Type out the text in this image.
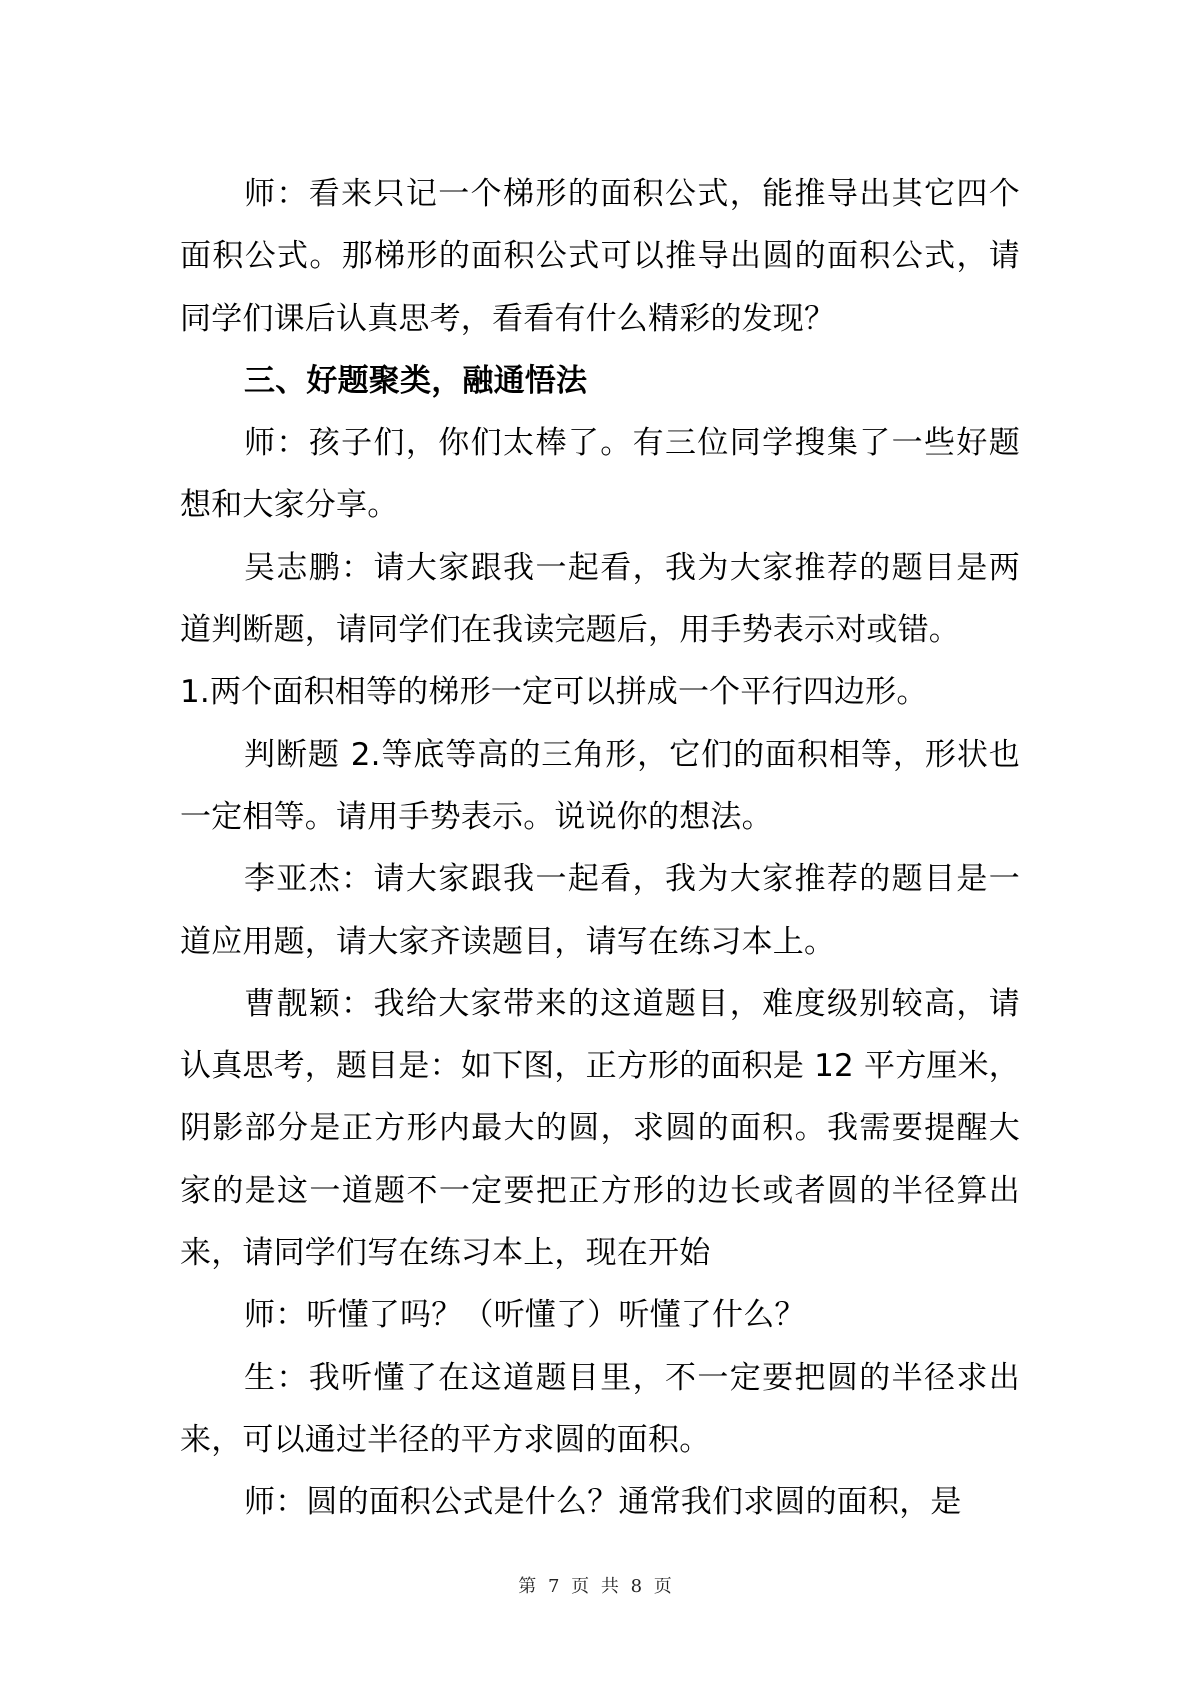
师：看来只记一个梯形的面积公式，能推导出其它四个面积公式。那梯形的面积公式可以推导出圆的面积公式，请同学们课后认真思考，看看有什么精彩的发现？

三、好题聚类，融通悟法

师：孩子们，你们太棒了。有三位同学搜集了一些好题想和大家分享。

吴志鹏：请大家跟我一起看，我为大家推荐的题目是两道判断题，请同学们在我读完题后，用手势表示对或错。

1.两个面积相等的梯形一定可以拼成一个平行四边形。

判断题 2.等底等高的三角形，它们的面积相等，形状也一定相等。请用手势表示。说说你的想法。

李亚杰：请大家跟我一起看，我为大家推荐的题目是一道应用题，请大家齐读题目，请写在练习本上。

曹靓颖：我给大家带来的这道题目，难度级别较高，请认真思考，题目是：如下图，正方形的面积是 12 平方厘米，阴影部分是正方形内最大的圆，求圆的面积。我需要提醒大家的是这一道题不一定要把正方形的边长或者圆的半径算出来，请同学们写在练习本上，现在开始

师：听懂了吗？（听懂了）听懂了什么？

生：我听懂了在这道题目里，不一定要把圆的半径求出来，可以通过半径的平方求圆的面积。

师：圆的面积公式是什么？通常我们求圆的面积，是

第 7 页 共 8 页
